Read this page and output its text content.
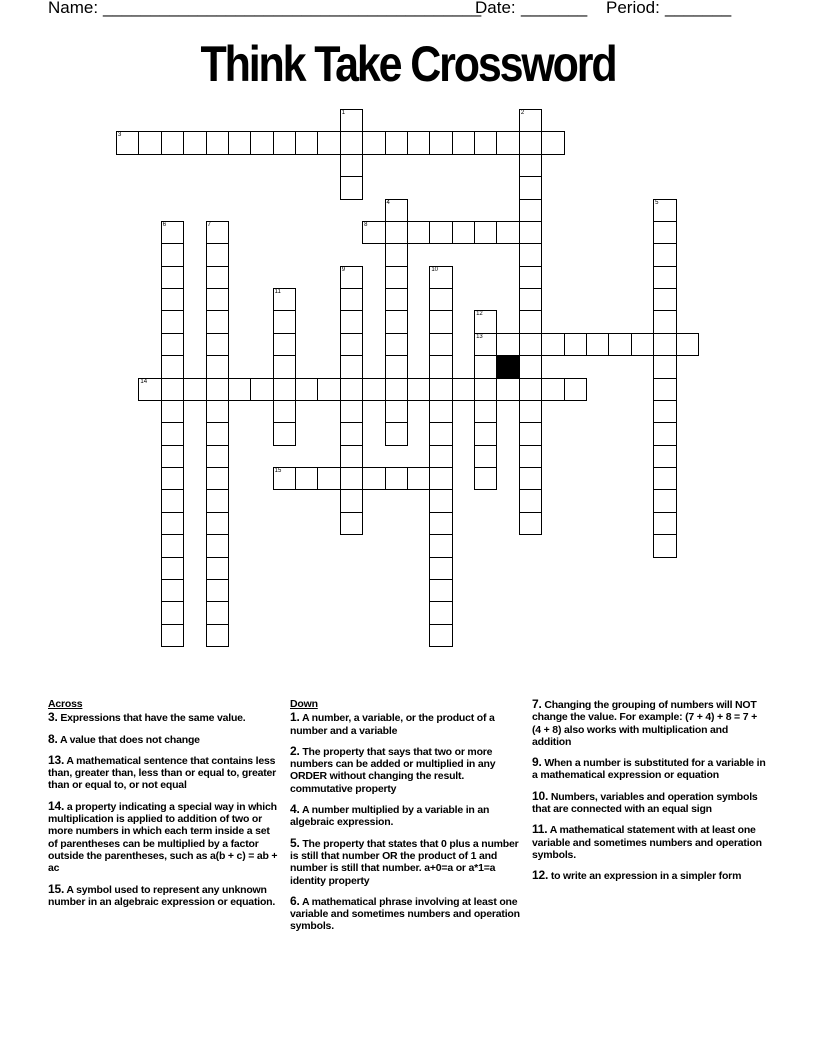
Name: ________________________________________
Date: _______ Period: _______
Think Take Crossword
3
8
13
14
15
1	2
4	5
6	7
9	10
11
12
Across
3. Expressions that have the same value.
8. A value that does not change
13. A mathematical sentence that contains less than, greater than, less than or equal to, greater than or equal to, or not equal
14. a property indicating a special way in which multiplication is applied to addition of two or more numbers in which each term inside a set of parentheses can be multiplied by a factor outside the parentheses, such as a(b + c) = ab + ac
15. A symbol used to represent any unknown number in an algebraic expression or equation.
Down
1. A number, a variable, or the product of a number and a variable
2. The property that says that two or more numbers can be added or multiplied in any ORDER without changing the result. commutative property
4. A number multiplied by a variable in an algebraic expression.
5. The property that states that 0 plus a number is still that number OR the product of 1 and number is still that number. a+0=a or a*1=a identity property
6. A mathematical phrase involving at least one variable and sometimes numbers and operation symbols.
7. Changing the grouping of numbers will NOT change the value. For example: (7 + 4) + 8 = 7 + (4 + 8) also works with multiplication and addition
9. When a number is substituted for a variable in a mathematical expression or equation
10. Numbers, variables and operation symbols that are connected with an equal sign
11. A mathematical statement with at least one variable and sometimes numbers and operation symbols.
12. to write an expression in a simpler form
